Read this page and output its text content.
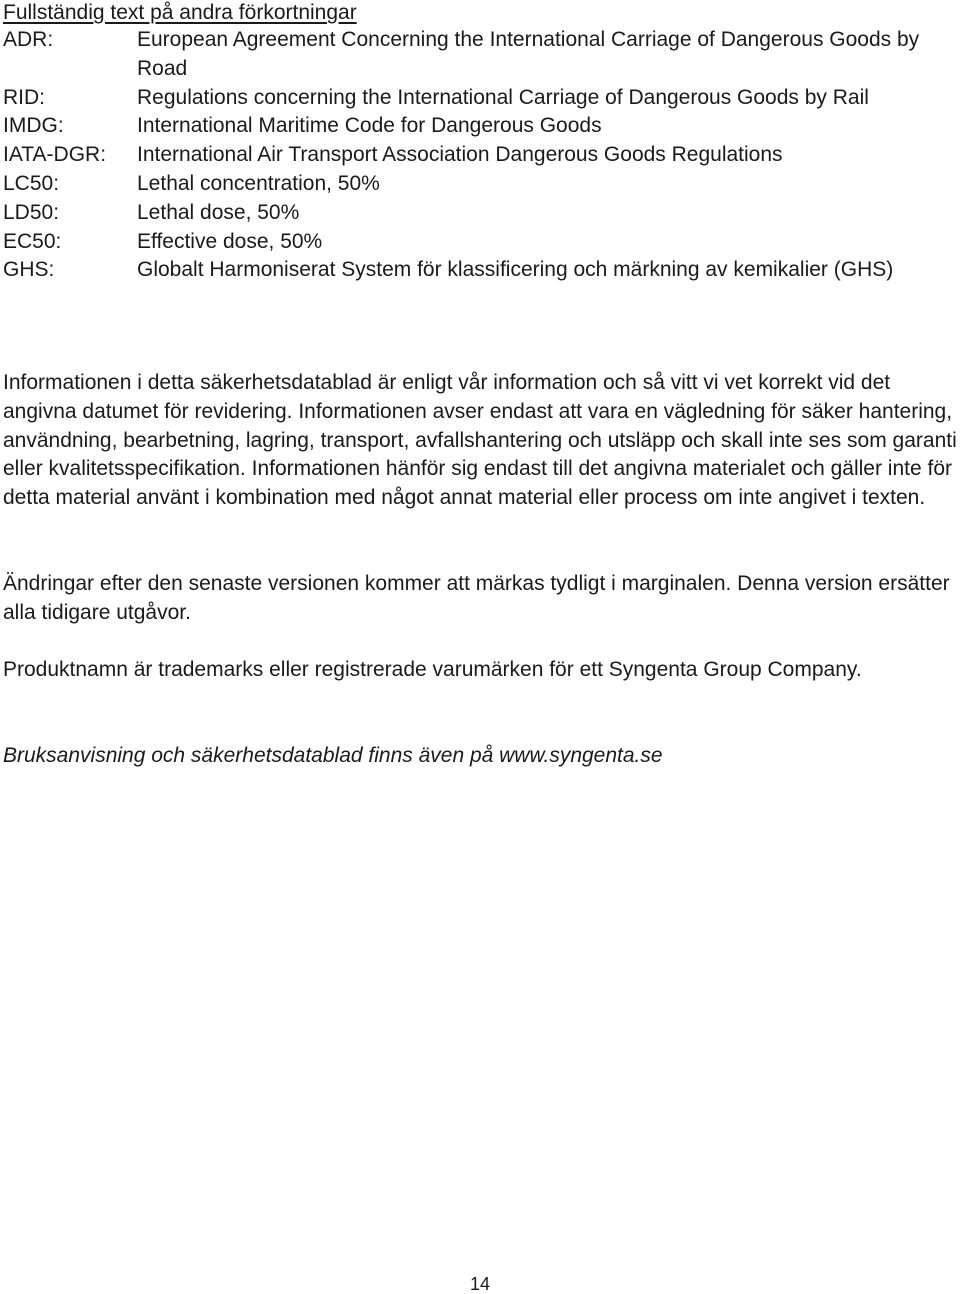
Fullständig text på andra förkortningar
ADR:	European Agreement Concerning the International Carriage of Dangerous Goods by Road
RID:	Regulations concerning the International Carriage of Dangerous Goods by Rail
IMDG:	International Maritime Code for Dangerous Goods
IATA-DGR:	International Air Transport Association Dangerous Goods Regulations
LC50:	Lethal concentration, 50%
LD50:	Lethal dose, 50%
EC50:	Effective dose, 50%
GHS:	Globalt Harmoniserat System för klassificering och märkning av kemikalier (GHS)

Informationen i detta säkerhetsdatablad är enligt vår information och så vitt vi vet korrekt vid det angivna datumet för revidering. Informationen avser endast att vara en vägledning för säker hantering, användning, bearbetning, lagring, transport, avfallshantering och utsläpp och skall inte ses som garanti eller kvalitetsspecifikation. Informationen hänför sig endast till det angivna materialet och gäller inte för detta material använt i kombination med något annat material eller process om inte angivet i texten.

Ändringar efter den senaste versionen kommer att märkas tydligt i marginalen. Denna version ersätter alla tidigare utgåvor.

Produktnamn är trademarks eller registrerade varumärken för ett Syngenta Group Company.

Bruksanvisning och säkerhetsdatablad finns även på www.syngenta.se

14
